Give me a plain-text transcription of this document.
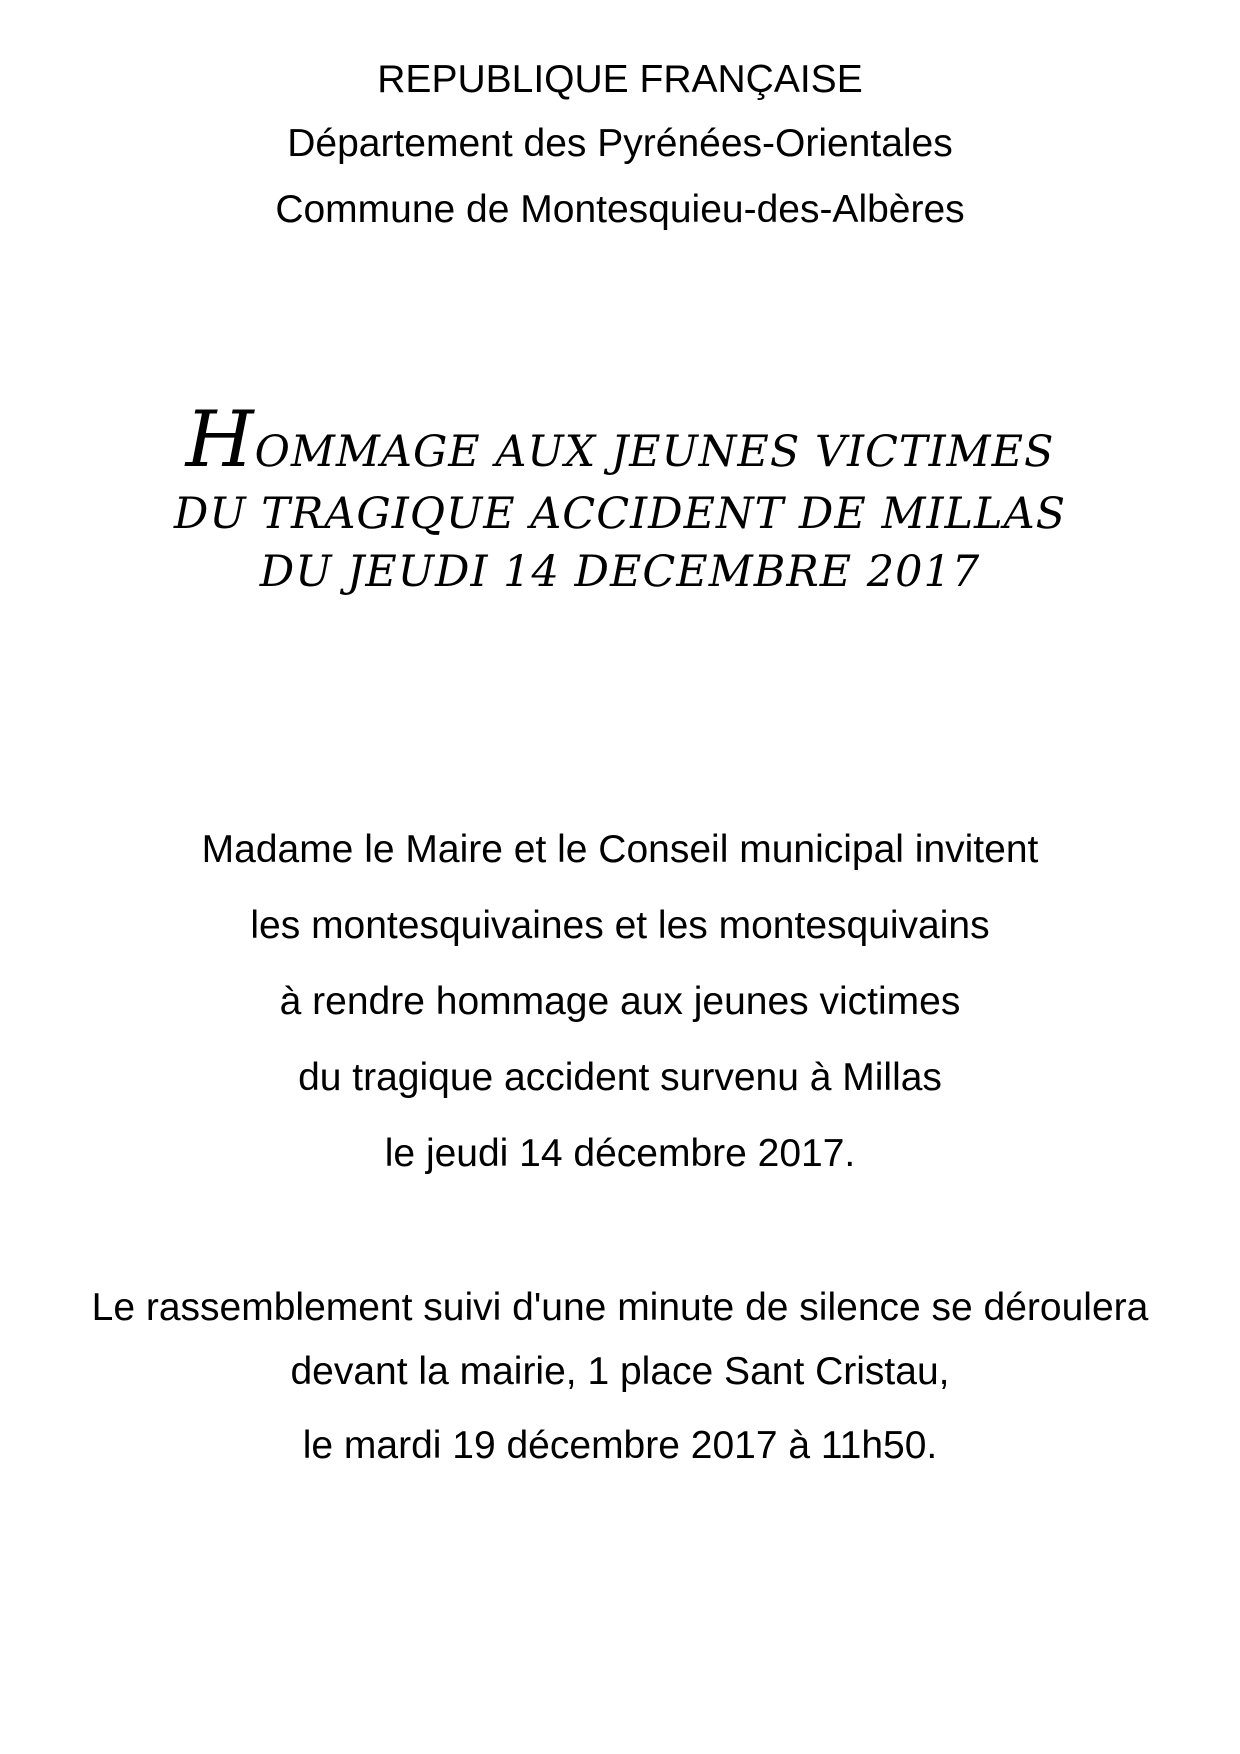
REPUBLIQUE FRANÇAISE
Département des Pyrénées-Orientales
Commune de Montesquieu-des-Albères
HOMMAGE AUX JEUNES VICTIMES
DU TRAGIQUE ACCIDENT DE MILLAS
DU JEUDI 14 DECEMBRE 2017
Madame le Maire et le Conseil municipal invitent
les montesquivaines et les montesquivains
à rendre hommage aux jeunes victimes
du tragique accident survenu à Millas
le jeudi 14 décembre 2017.
Le rassemblement suivi d'une minute de silence se déroulera
devant la mairie, 1 place Sant Cristau,
le mardi 19 décembre 2017 à 11h50.
